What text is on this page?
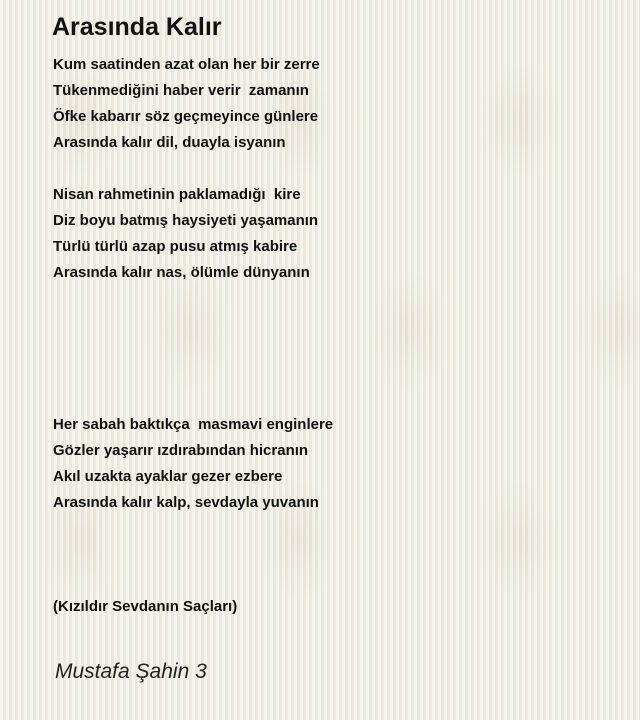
Arasında Kalır
Kum saatinden azat olan her bir zerre
Tükenmediğini haber verir  zamanın
Öfke kabarır söz geçmeyince günlere
Arasında kalır dil, duayla isyanın
Nisan rahmetinin paklamadığı  kire
Diz boyu batmış haysiyeti yaşamanın
Türlü türlü azap pusu atmış kabire
Arasında kalır nas, ölümle dünyanın
Her sabah baktıkça  masmavi enginlere
Gözler yaşarır ızdırabından hicranın
Akıl uzakta ayaklar gezer ezbere
Arasında kalır kalp, sevdayla yuvanın
(Kızıldır Sevdanın Saçları)
Mustafa Şahin 3
